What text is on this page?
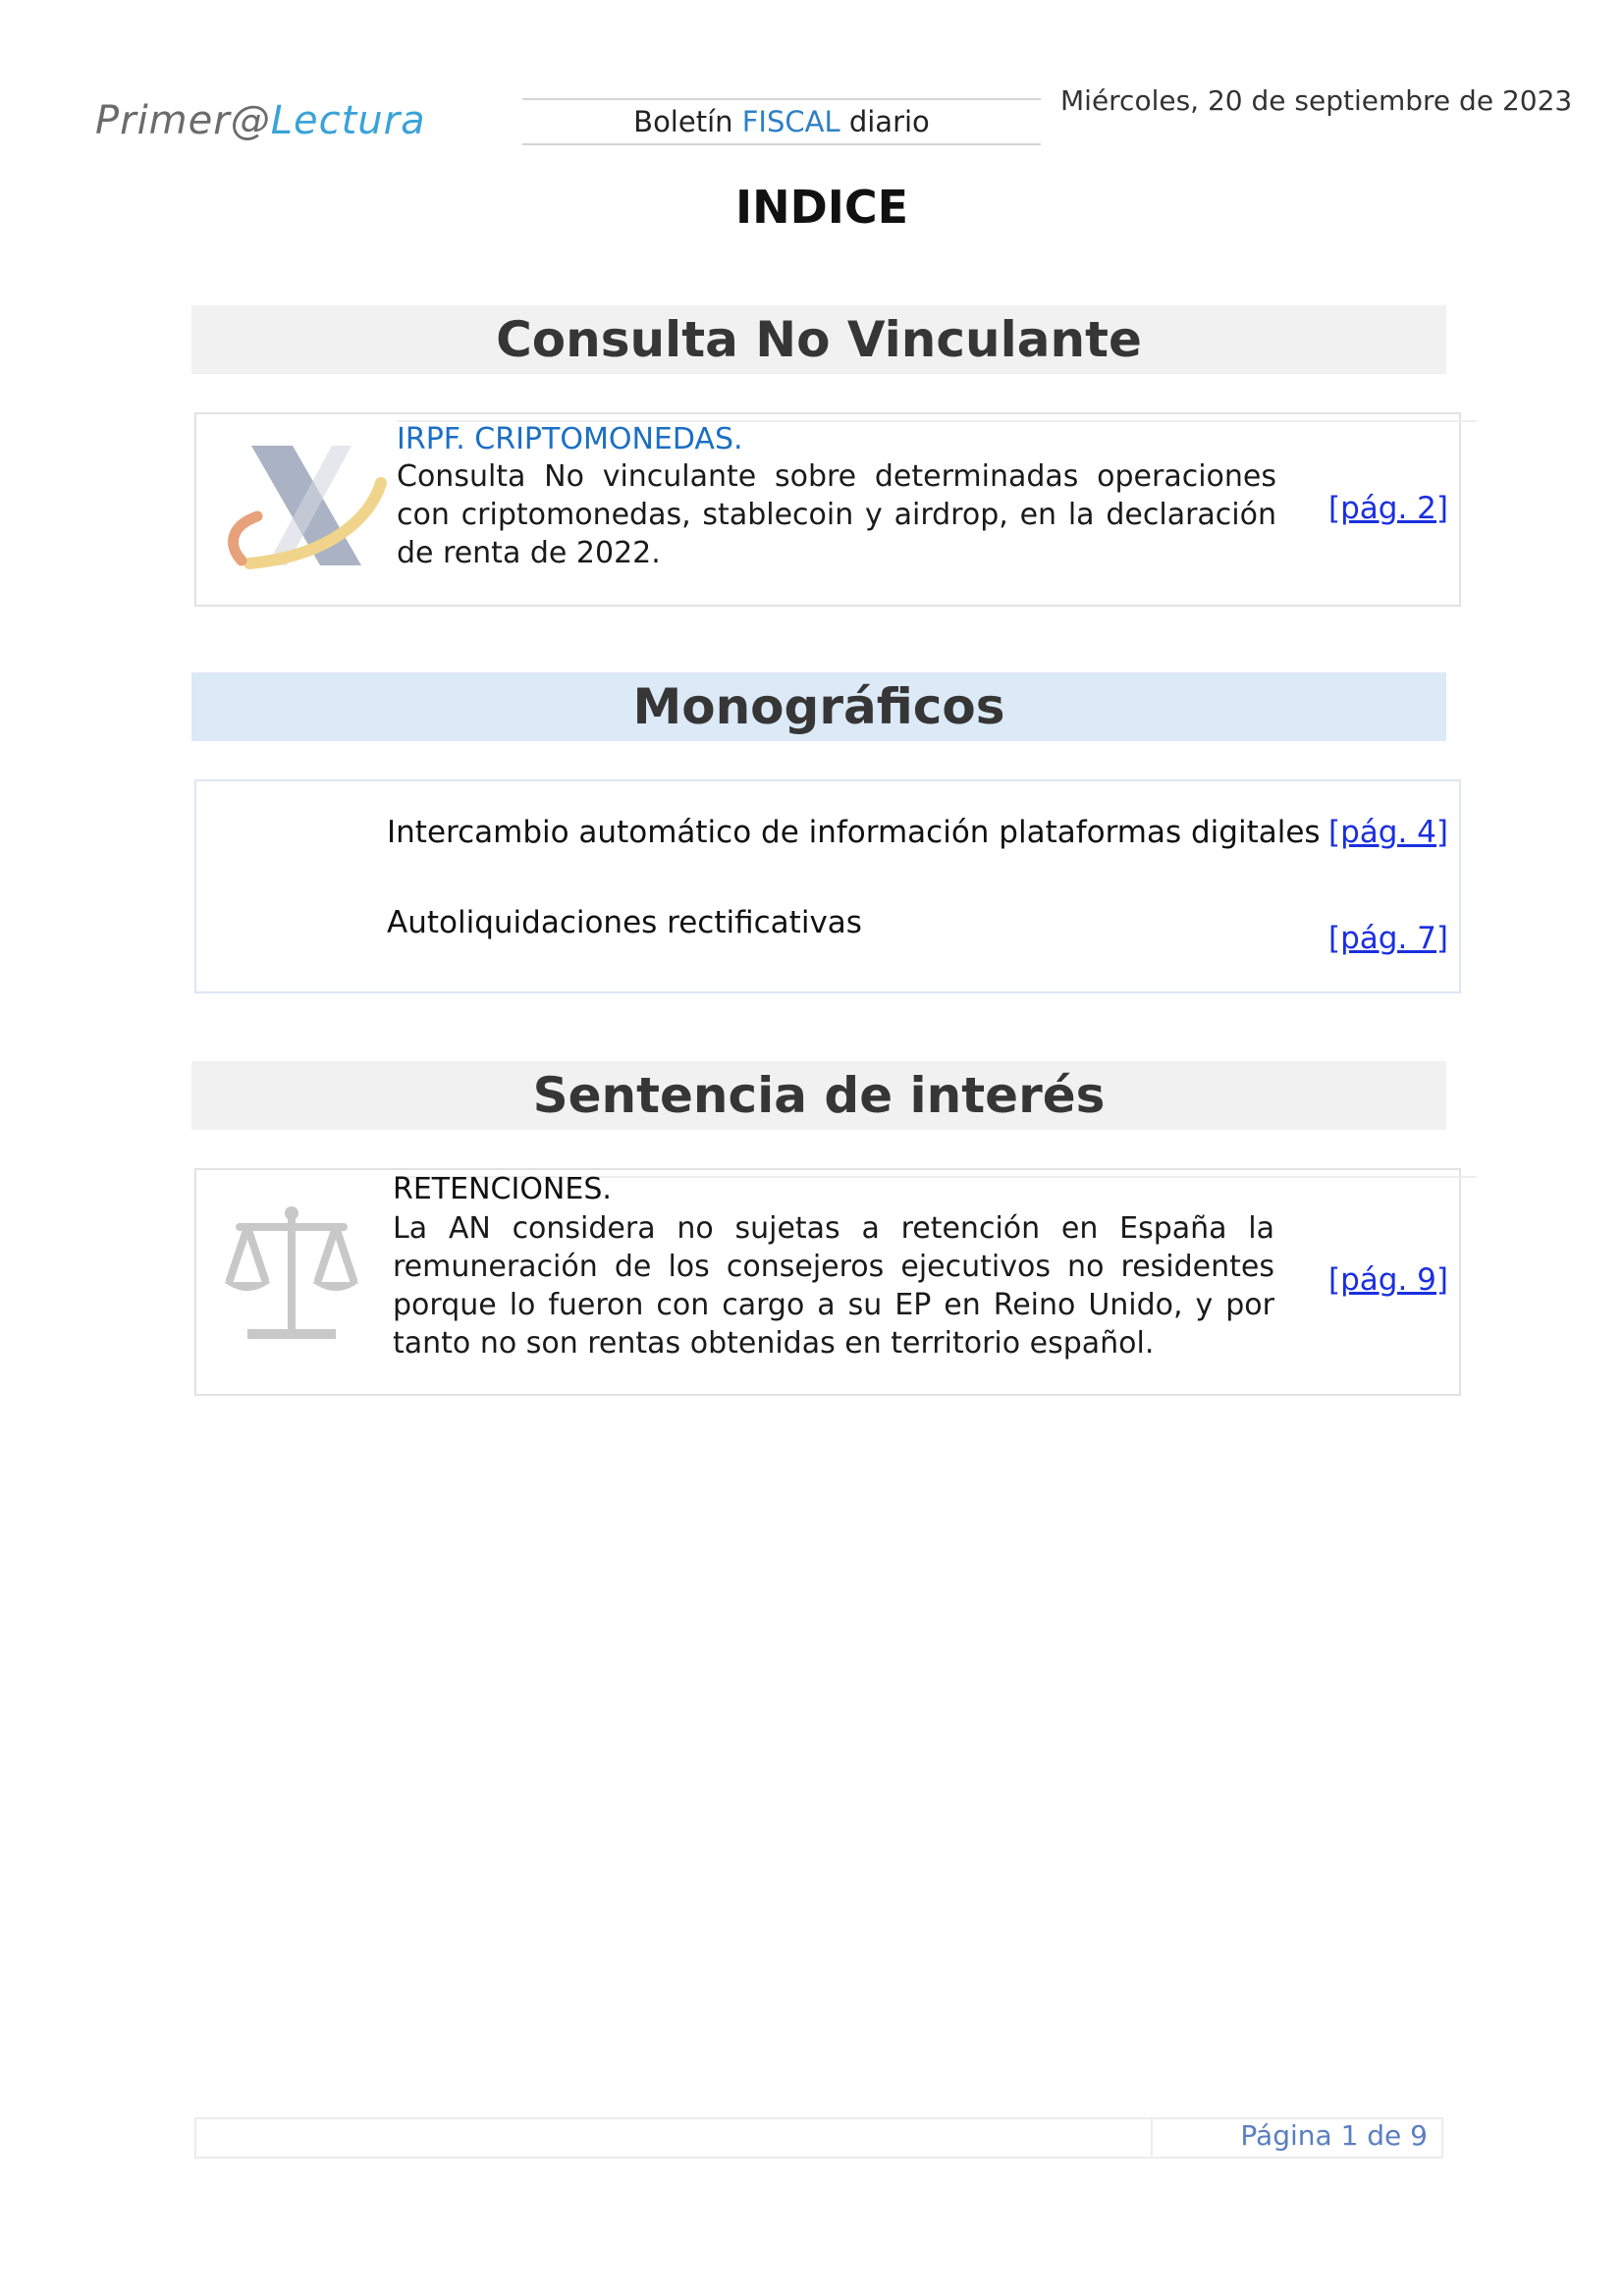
Primer@Lectura	Boletín FISCAL diario
Miércoles, 20 de septiembre de 2023
INDICE
Consulta No Vinculante
IRPF. CRIPTOMONEDAS.
Consulta No vinculante sobre determinadas operaciones con criptomonedas, stablecoin y airdrop, en la declaración de renta de 2022.
[pág. 2]
Monográficos
Intercambio automático de información plataformas digitales [pág. 4]
Autoliquidaciones rectificativas	[pág. 7]
Sentencia de interés
RETENCIONES.
La AN considera no sujetas a retención en España la remuneración de los consejeros ejecutivos no residentes porque lo fueron con cargo a su EP en Reino Unido, y por tanto no son rentas obtenidas en territorio español.
[pág. 9]
Página 1 de 9
